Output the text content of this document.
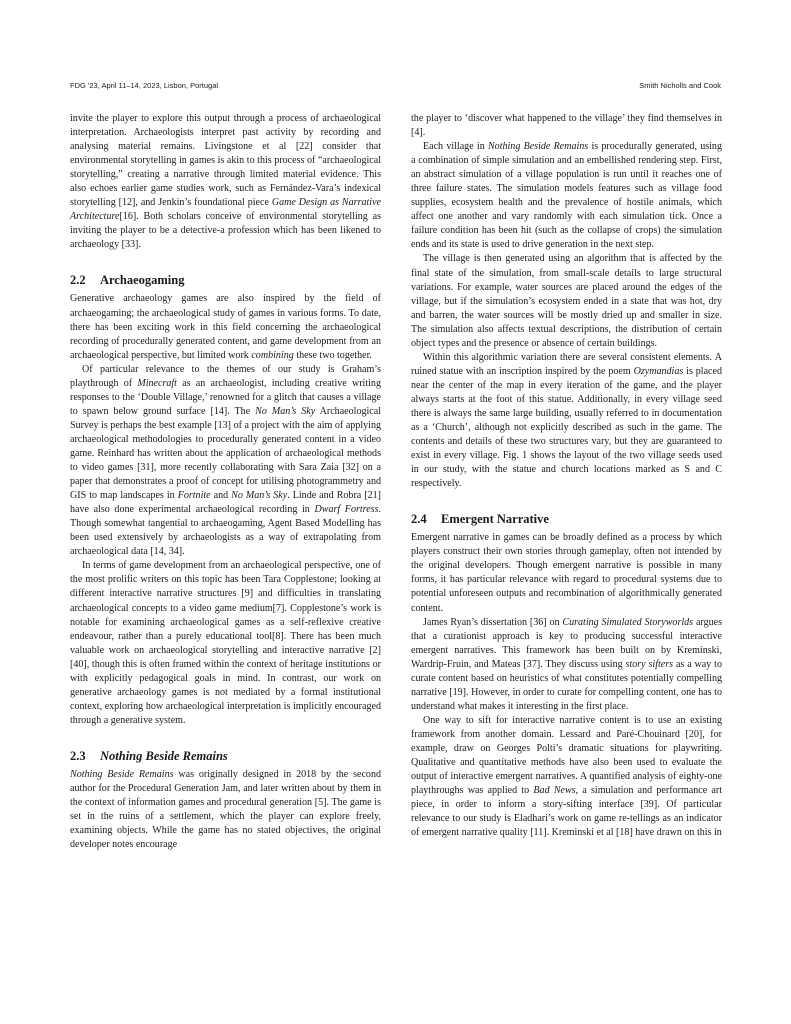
FDG '23, April 11–14, 2023, Lisbon, Portugal	Smith Nicholls and Cook

invite the player to explore this output through a process of archaeological interpretation. Archaeologists interpret past activity by recording and analysing material remains. Livingstone et al [22] consider that environmental storytelling in games is akin to this process of “archaeological storytelling,” creating a narrative through limited material evidence. This also echoes earlier game studies work, such as Fernández-Vara’s indexical storytelling [12], and Jenkin’s foundational piece Game Design as Narrative Architecture[16]. Both scholars conceive of environmental storytelling as inviting the player to be a detective-a profession which has been likened to archaeology [33].

2.2 Archaeogaming

Generative archaeology games are also inspired by the field of archaeogaming; the archaeological study of games in various forms. To date, there has been exciting work in this field concerning the archaeological recording of procedurally generated content, and game development from an archaeological perspective, but limited work combining these two together.

Of particular relevance to the themes of our study is Graham’s playthrough of Minecraft as an archaeologist, including creative writing responses to the ‘Double Village,’ renowned for a glitch that causes a village to spawn below ground surface [14]. The No Man’s Sky Archaeological Survey is perhaps the best example [13] of a project with the aim of applying archaeological methodologies to procedurally generated content in a video game. Reinhard has written about the application of archaeological methods to video games [31], more recently collaborating with Sara Zaia [32] on a paper that demonstrates a proof of concept for utilising photogrammetry and GIS to map landscapes in Fortnite and No Man’s Sky. Linde and Robra [21] have also done experimental archaeological recording in Dwarf Fortress. Though somewhat tangential to archaeogaming, Agent Based Modelling has been used extensively by archaeologists as a way of extrapolating from archaeological data [14, 34].

In terms of game development from an archaeological perspective, one of the most prolific writers on this topic has been Tara Copplestone; looking at different interactive narrative structures [9] and difficulties in translating archaeological concepts to a video game medium[7]. Copplestone’s work is notable for examining archaeological games as a self-reflexive creative endeavour, rather than a purely educational tool[8]. There has been much valuable work on archaeological storytelling and interactive narrative [2] [40], though this is often framed within the context of heritage institutions or with explicitly pedagogical goals in mind. In contrast, our work on generative archaeology games is not mediated by a formal institutional context, exploring how archaeological interpretation is implicitly encouraged through a generative system.

2.3 Nothing Beside Remains

Nothing Beside Remains was originally designed in 2018 by the second author for the Procedural Generation Jam, and later written about by them in the context of information games and procedural generation [5]. The game is set in the ruins of a settlement, which the player can explore freely, examining objects. While the game has no stated objectives, the original developer notes encourage

the player to ‘discover what happened to the village’ they find themselves in [4].

Each village in Nothing Beside Remains is procedurally generated, using a combination of simple simulation and an embellished rendering step. First, an abstract simulation of a village population is run until it reaches one of three failure states. The simulation models features such as village food supplies, ecosystem health and the prevalence of hostile animals, which affect one another and vary randomly with each simulation tick. Once a failure condition has been hit (such as the collapse of crops) the simulation ends and its state is used to drive generation in the next step.

The village is then generated using an algorithm that is affected by the final state of the simulation, from small-scale details to large structural variations. For example, water sources are placed around the edges of the village, but if the simulation’s ecosystem ended in a state that was hot, dry and barren, the water sources will be mostly dried up and smaller in size. The simulation also affects textual descriptions, the distribution of certain object types and the presence or absence of certain buildings.

Within this algorithmic variation there are several consistent elements. A ruined statue with an inscription inspired by the poem Ozymandias is placed near the center of the map in every iteration of the game, and the player always starts at the foot of this statue. Additionally, in every village seed there is always the same large building, usually referred to in documentation as a ‘Church’, although not explicitly described as such in the game. The contents and details of these two structures vary, but they are guaranteed to exist in every village. Fig. 1 shows the layout of the two village seeds used in our study, with the statue and church locations marked as S and C respectively.

2.4 Emergent Narrative

Emergent narrative in games can be broadly defined as a process by which players construct their own stories through gameplay, often not intended by the original developers. Though emergent narrative is possible in many forms, it has particular relevance with regard to procedural systems due to potential unforeseen outputs and recombination of algorithmically generated content.

James Ryan’s dissertation [36] on Curating Simulated Storyworlds argues that a curationist approach is key to producing successful interactive emergent narratives. This framework has been built on by Kreminski, Wardrip-Fruin, and Mateas [37]. They discuss using story sifters as a way to curate content based on heuristics of what constitutes potentially compelling narrative [19]. However, in order to curate for compelling content, one has to understand what makes it interesting in the first place.

One way to sift for interactive narrative content is to use an existing framework from another domain. Lessard and Paré-Chouinard [20], for example, draw on Georges Polti’s dramatic situations for playwriting. Qualitative and quantitative methods have also been used to evaluate the output of interactive emergent narratives. A quantified analysis of eighty-one playthroughs was applied to Bad News, a simulation and performance art piece, in order to inform a story-sifting interface [39]. Of particular relevance to our study is Eladhari’s work on game re-tellings as an indicator of emergent narrative quality [11]. Kreminski et al [18] have drawn on this in
